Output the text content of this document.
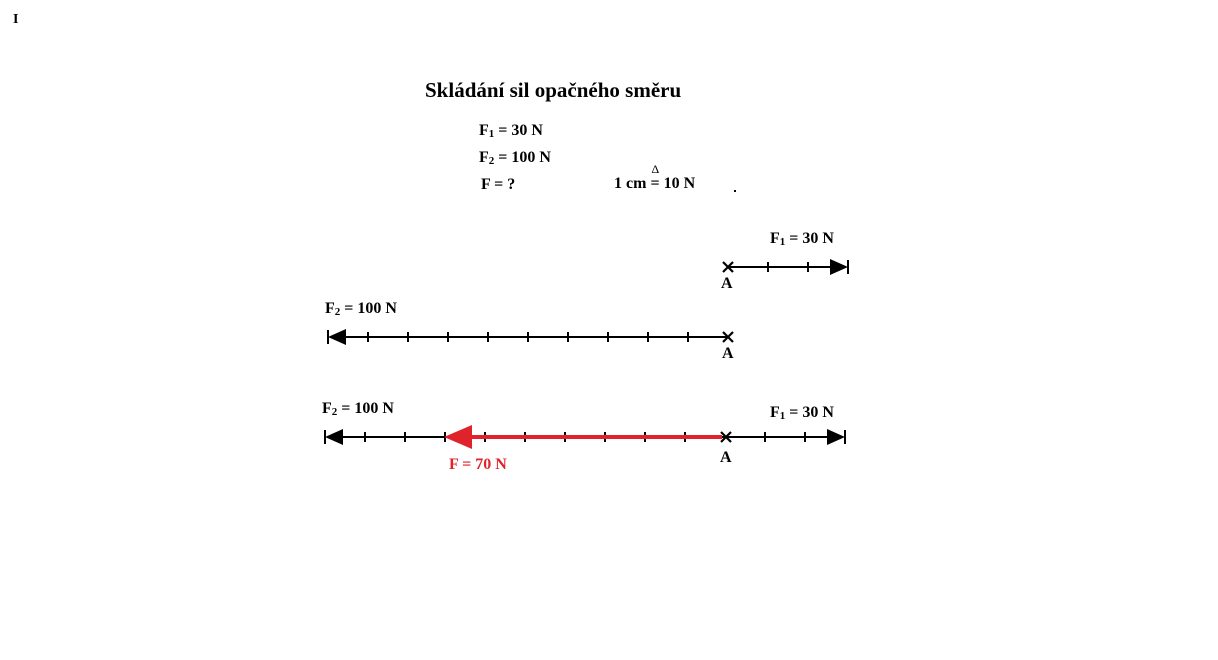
I
Skládání sil opačného směru
$F_1 = 30$ N
$F_2 = 100$ N
F = ?	1 cm
Δ
= 10 N
$F_1 = 30$ N
A
$F_2 = 100$ N
A
$F_2 = 100$ N	$F_1 = 30$ N
F = 70 N	A
